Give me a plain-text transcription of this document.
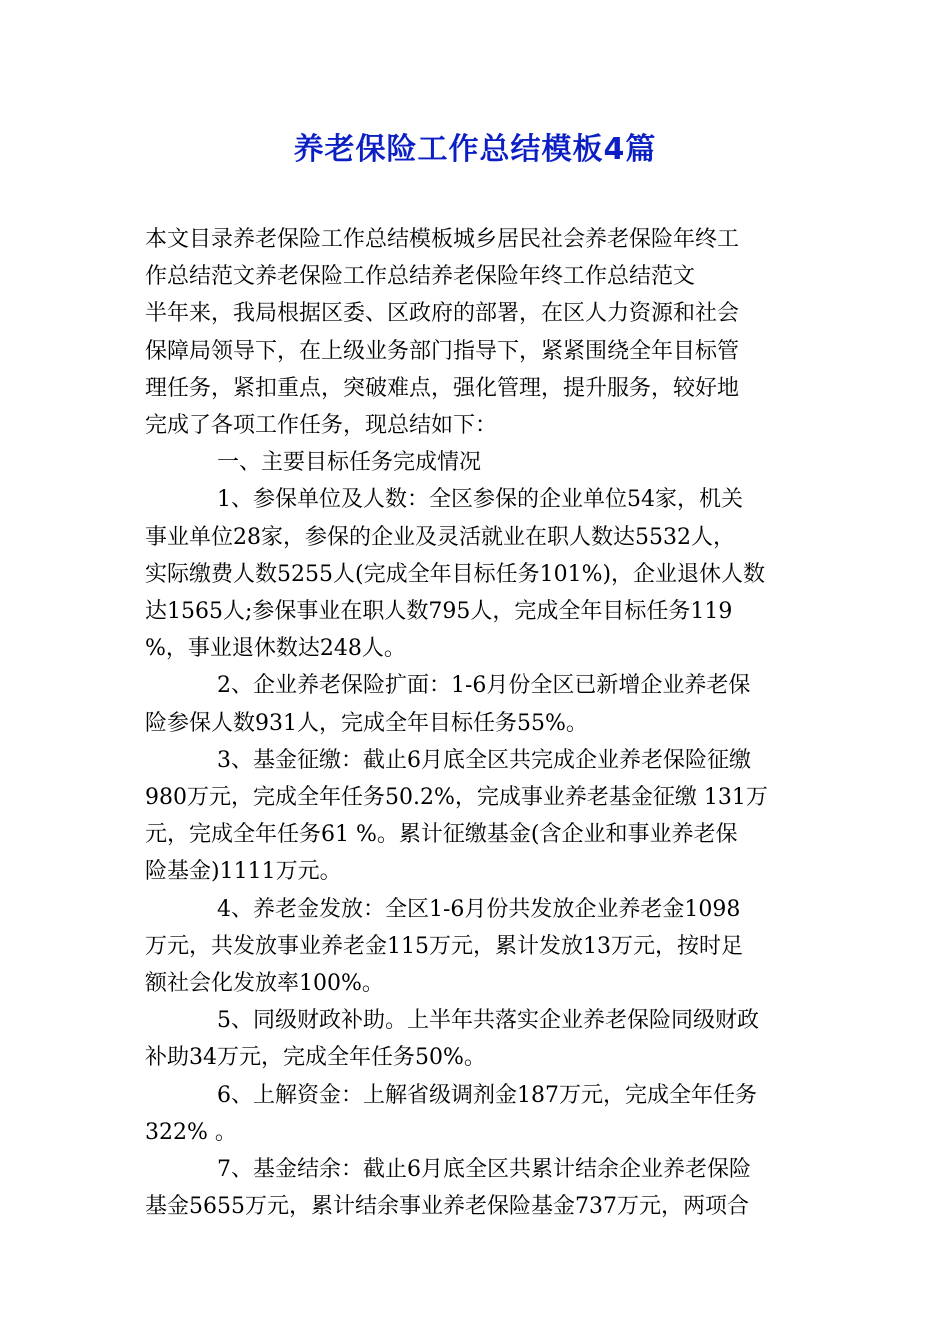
养老保险工作总结模板4篇
本文目录养老保险工作总结模板城乡居民社会养老保险年终工
作总结范文养老保险工作总结养老保险年终工作总结范文
半年来，我局根据区委、区政府的部署，在区人力资源和社会
保障局领导下，在上级业务部门指导下，紧紧围绕全年目标管
理任务，紧扣重点，突破难点，强化管理，提升服务，较好地
完成了各项工作任务，现总结如下：
一、主要目标任务完成情况
1、参保单位及人数：全区参保的企业单位54家，机关
事业单位28家，参保的企业及灵活就业在职人数达5532人，
实际缴费人数5255人(完成全年目标任务101%)，企业退休人数
达1565人;参保事业在职人数795人，完成全年目标任务119
%，事业退休数达248人。
2、企业养老保险扩面：1-6月份全区已新增企业养老保
险参保人数931人，完成全年目标任务55%。
3、基金征缴：截止6月底全区共完成企业养老保险征缴
980万元，完成全年任务50.2%，完成事业养老基金征缴 131万
元，完成全年任务61 %。累计征缴基金(含企业和事业养老保
险基金)1111万元。
4、养老金发放：全区1-6月份共发放企业养老金1098
万元，共发放事业养老金115万元，累计发放13万元，按时足
额社会化发放率100%。
5、同级财政补助。上半年共落实企业养老保险同级财政
补助34万元，完成全年任务50%。
6、上解资金：上解省级调剂金187万元，完成全年任务
322% 。
7、基金结余：截止6月底全区共累计结余企业养老保险
基金5655万元，累计结余事业养老保险基金737万元，两项合
